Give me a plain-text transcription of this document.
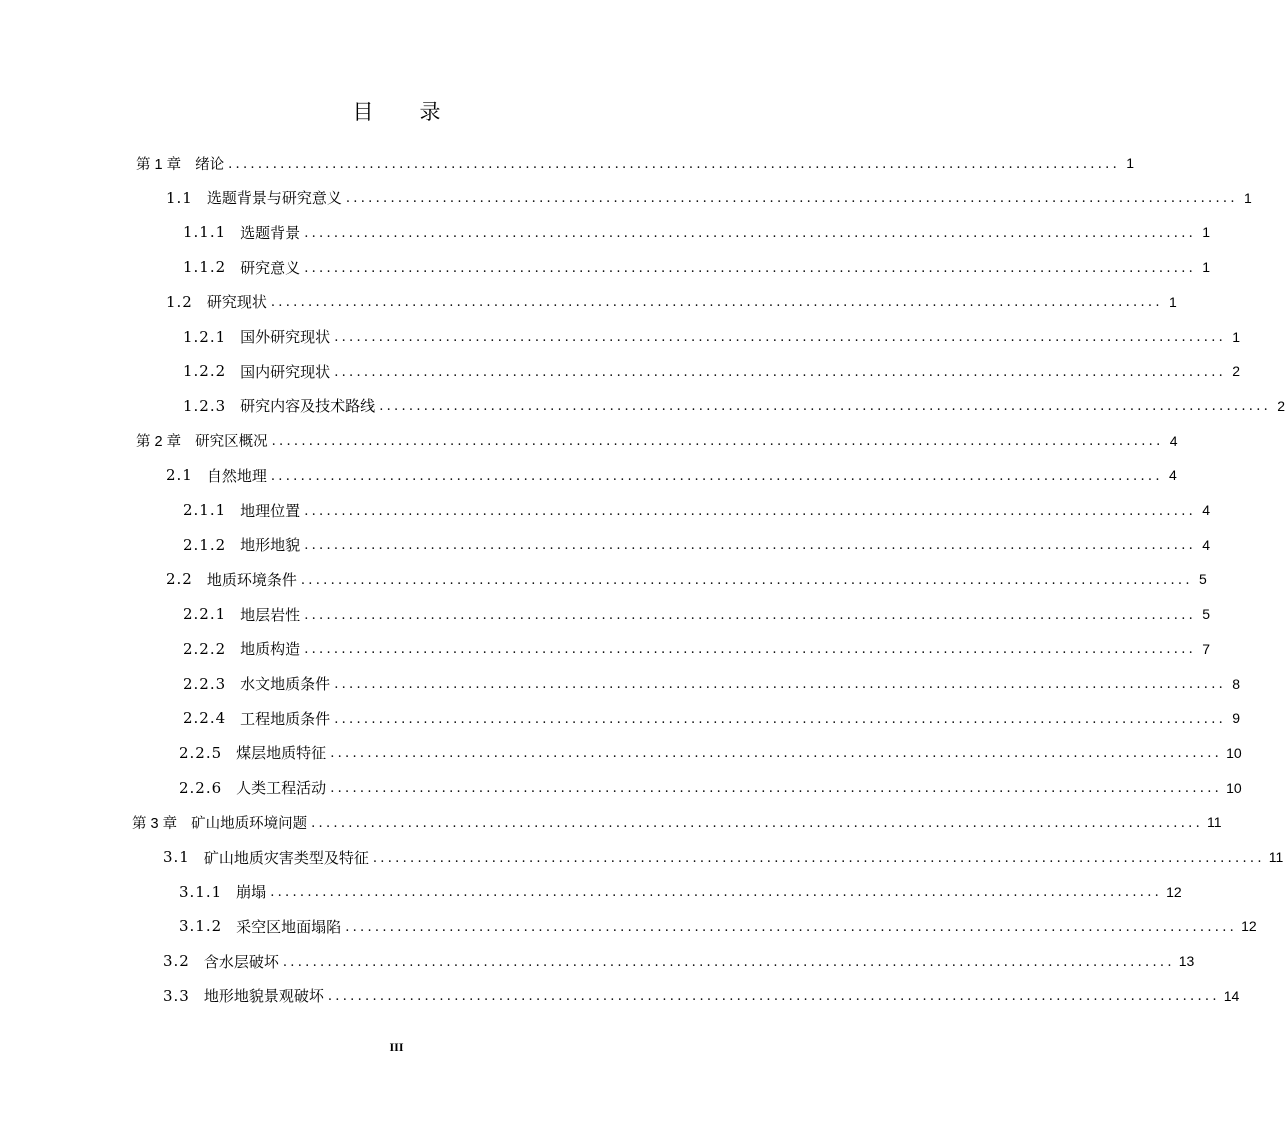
目 录
第 1 章 绪论 ........................................................................................................................ 1
1.1 选题背景与研究意义 ........................................................................................................................ 1
1.1.1 选题背景 ........................................................................................................................ 1
1.1.2 研究意义 ........................................................................................................................ 1
1.2 研究现状 ........................................................................................................................ 1
1.2.1 国外研究现状 ........................................................................................................................ 1
1.2.2 国内研究现状 ........................................................................................................................ 2
1.2.3 研究内容及技术路线 ........................................................................................................................ 2
第 2 章 研究区概况 ........................................................................................................................ 4
2.1 自然地理 ........................................................................................................................ 4
2.1.1 地理位置 ........................................................................................................................ 4
2.1.2 地形地貌 ........................................................................................................................ 4
2.2 地质环境条件 ........................................................................................................................ 5
2.2.1 地层岩性 ........................................................................................................................ 5
2.2.2 地质构造 ........................................................................................................................ 7
2.2.3 水文地质条件 ........................................................................................................................ 8
2.2.4 工程地质条件 ........................................................................................................................ 9
2.2.5 煤层地质特征 ........................................................................................................................ 10
2.2.6 人类工程活动 ........................................................................................................................ 10
第 3 章 矿山地质环境问题 ........................................................................................................................ 11
3.1 矿山地质灾害类型及特征 ........................................................................................................................ 11
3.1.1 崩塌 ........................................................................................................................ 12
3.1.2 采空区地面塌陷 ........................................................................................................................ 12
3.2 含水层破坏 ........................................................................................................................ 13
3.3 地形地貌景观破坏 ........................................................................................................................ 14
III
